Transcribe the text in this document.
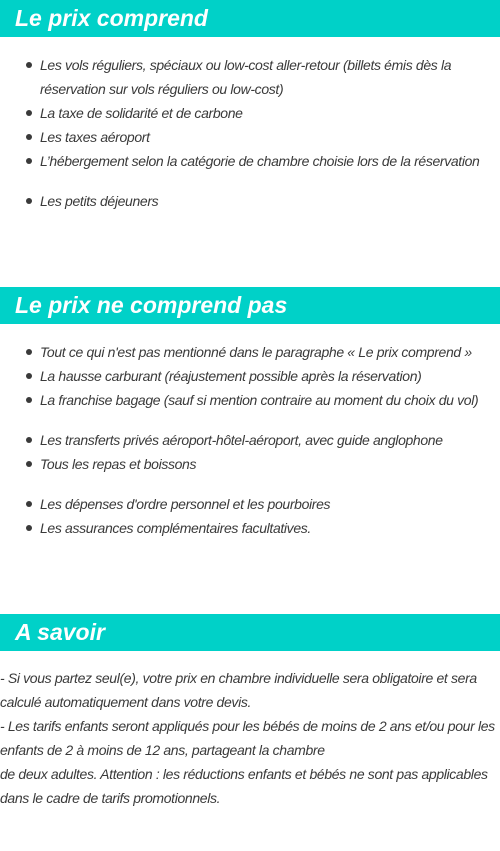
Le prix comprend
Les vols réguliers, spéciaux ou low-cost aller-retour (billets émis dès la réservation sur vols réguliers ou low-cost)
La taxe de solidarité et de carbone
Les taxes aéroport
L’hébergement selon la catégorie de chambre choisie lors de la réservation
Les petits déjeuners
Le prix ne comprend pas
Tout ce qui n'est pas mentionné dans le paragraphe « Le prix comprend »
La hausse carburant (réajustement possible après la réservation)
La franchise bagage (sauf si mention contraire au moment du choix du vol)
Les transferts privés aéroport-hôtel-aéroport, avec guide anglophone
Tous les repas et boissons
Les dépenses d'ordre personnel et les pourboires
Les assurances complémentaires facultatives.
A savoir

- Si vous partez seul(e), votre prix en chambre individuelle sera obligatoire et sera calculé automatiquement dans votre devis.

- Les tarifs enfants seront appliqués pour les bébés de moins de 2 ans et/ou pour les enfants de 2 à moins de 12 ans, partageant la chambre

de deux adultes. Attention : les réductions enfants et bébés ne sont pas applicables dans le cadre de tarifs promotionnels.
